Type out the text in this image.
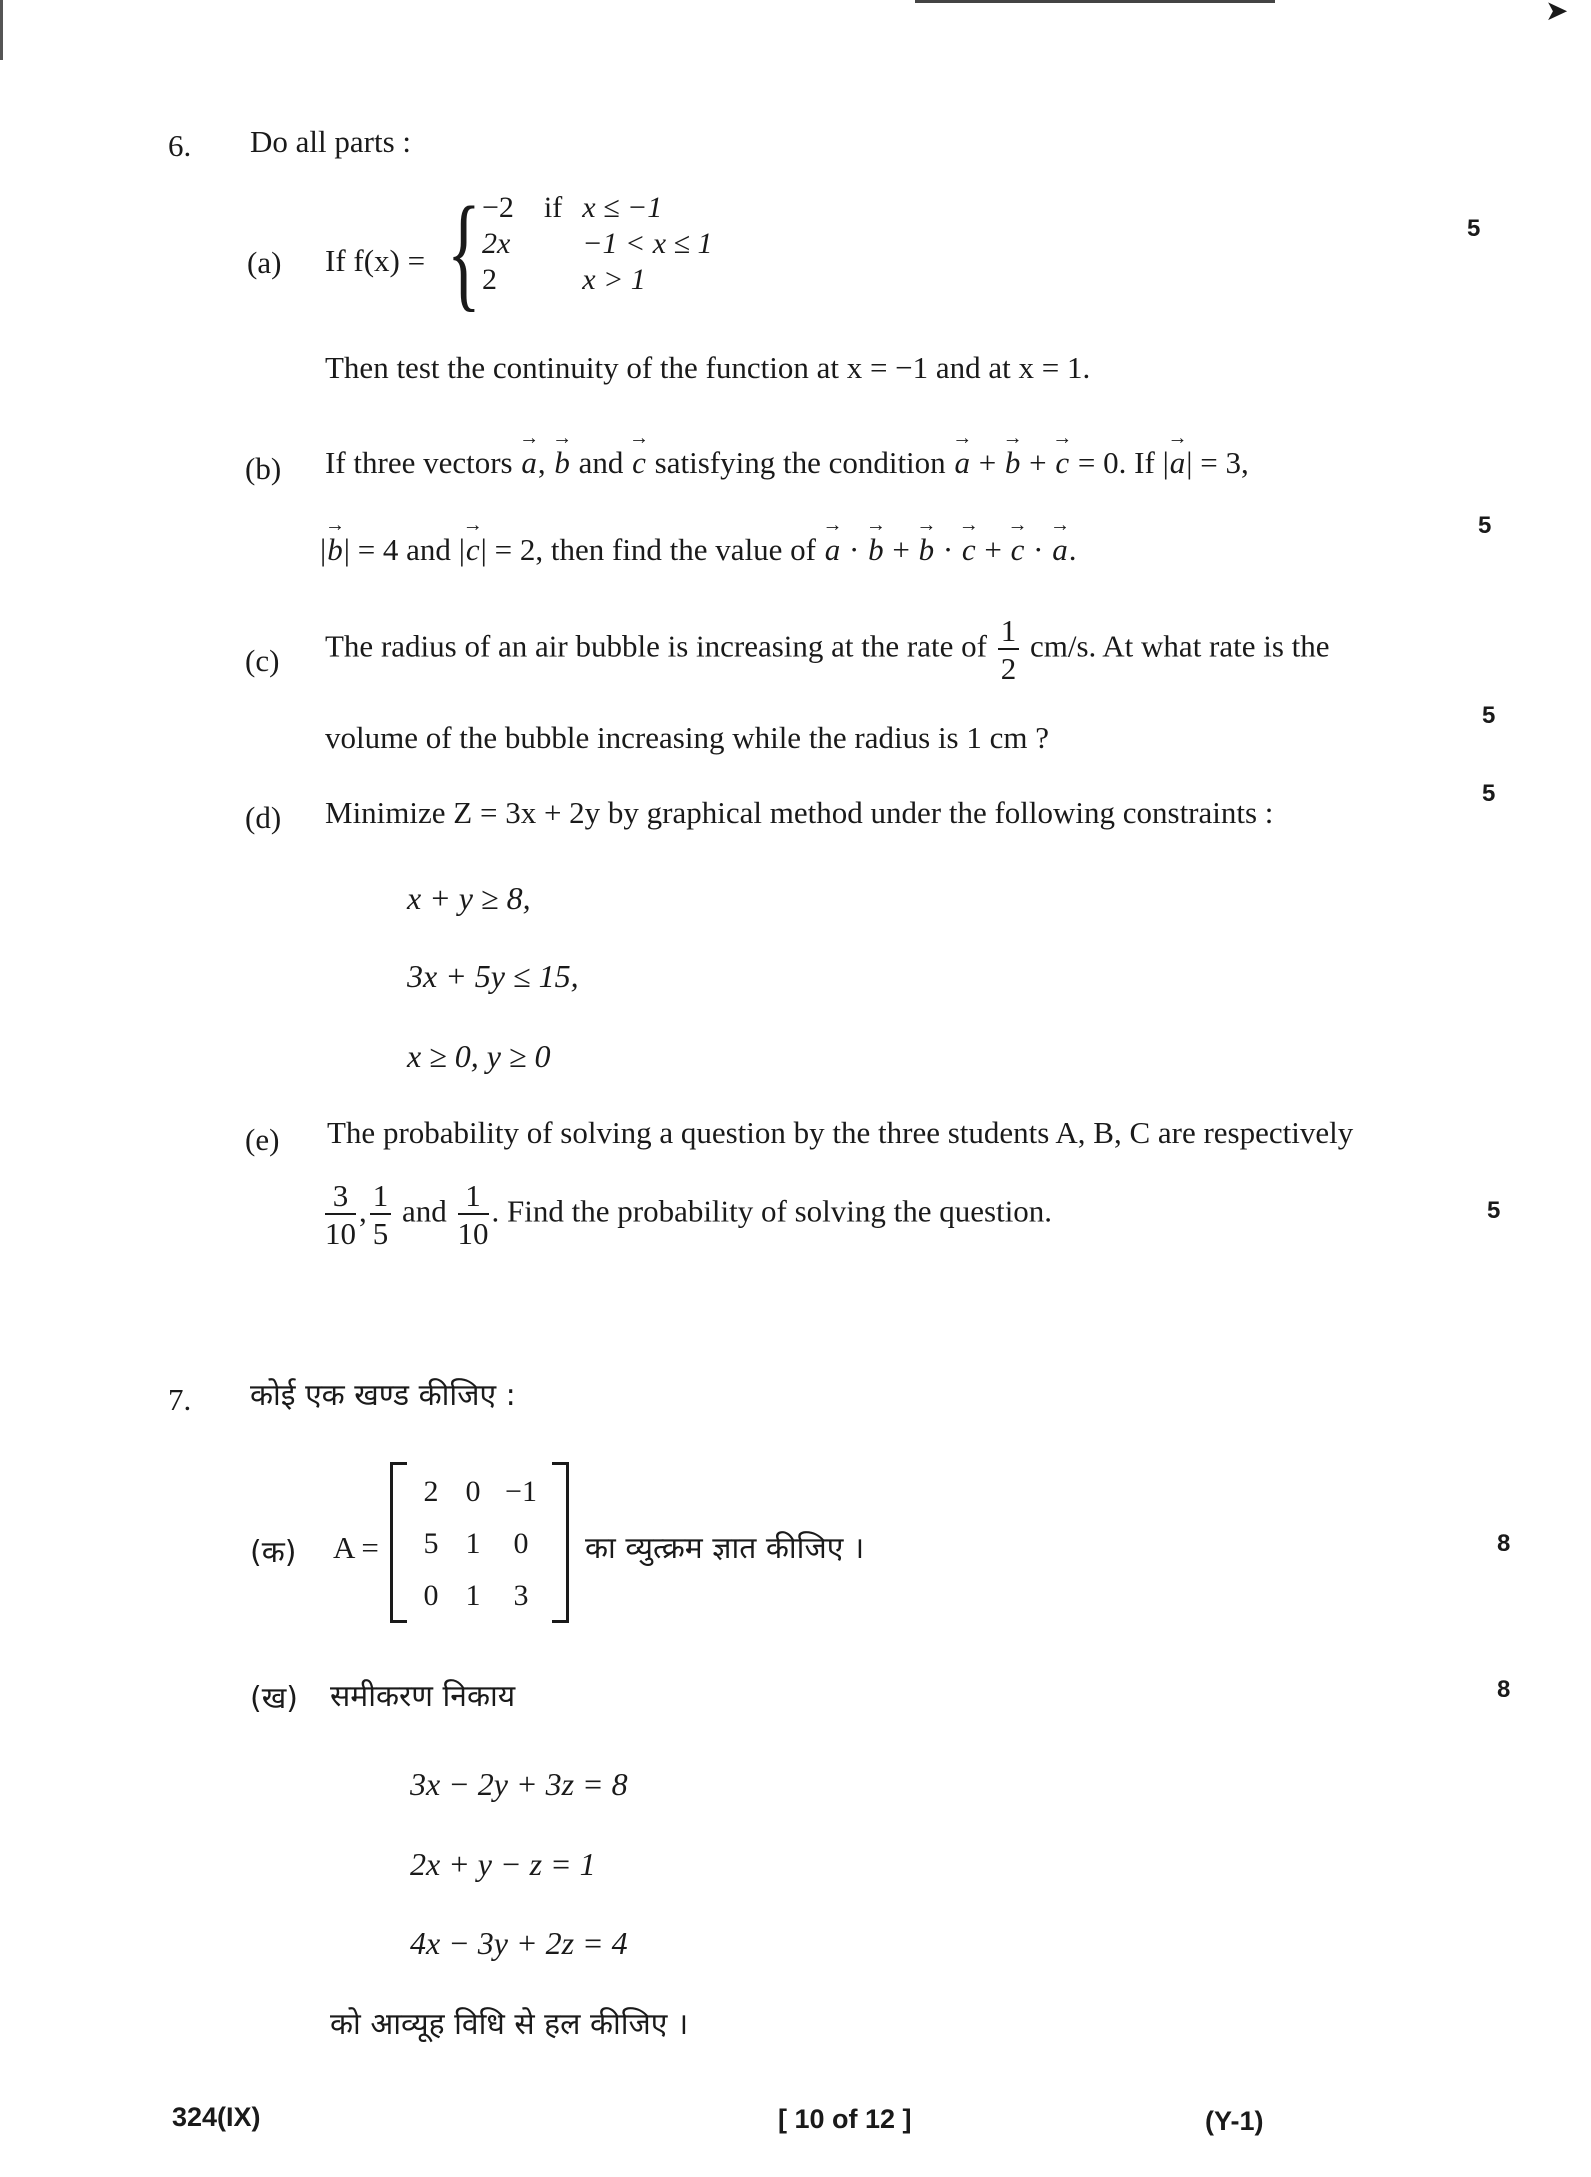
➤
6. Do all parts :
(a) If f(x) = { −2	if	x ≤ −1
2x		−1 < x ≤ 1
2		x > 1
5
Then test the continuity of the function at x = −1 and at x = 1.
(b) If three vectors → a, → b and → c satisfying the condition → a + → b + → c = 0. If |→ a| = 3,
|→ b| = 4 and |→ c| = 2, then find the value of → a · → b + → b · → c + → c · → a.
5
(c) The radius of an air bubble is increasing at the rate of $\frac{1}{2} cm/s$. At what rate is the
volume of the bubble increasing while the radius is 1 cm ?
5
(d) Minimize Z = 3x + 2y by graphical method under the following constraints :
5
x + y ≥ 8,
3x + 5y ≤ 15,
x ≥ 0, y ≥ 0
(e) The probability of solving a question by the three students A, B, C are respectively
$\frac{3}{10}$ , $\frac{1}{5}$ and $\frac{1}{10}$ . Find the probability of solving the question.	5
7. कोई एक खण्ड कीजिए :
(क) A =
2	0	−1
5	1	0
0	1	3
का व्युत्क्रम ज्ञात कीजिए ।	8
(ख) समीकरण निकाय	8
3x − 2y + 3z = 8
2x + y − z = 1
4x − 3y + 2z = 4
को आव्यूह विधि से हल कीजिए ।
324(IX)	[ 10 of 12 ]	(Y-1)
